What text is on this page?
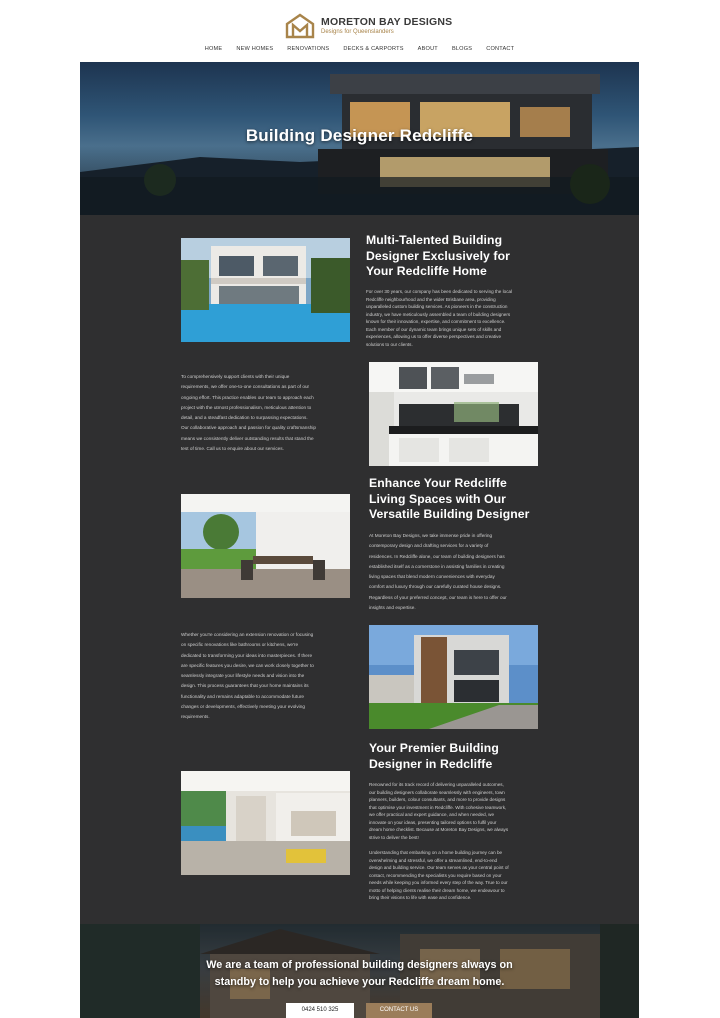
MORETON BAY DESIGNS
Designs for Queenslanders
HOME	NEW HOMES	RENOVATIONS	DECKS & CARPORTS	ABOUT	BLOGS	CONTACT
Building Designer Redcliffe
Multi-Talented Building
Designer Exclusively for
Your Redcliffe Home
For over 30 years, our company has been dedicated to serving the local
Redcliffe neighbourhood and the wider Brisbane area, providing
unparalleled custom building services. As pioneers in the construction
industry, we have meticulously assembled a team of building designers
known for their innovation, expertise, and commitment to excellence.
Each member of our dynamic team brings unique sets of skills and
experiences, allowing us to offer diverse perspectives and creative
solutions to our clients.
To comprehensively support clients with their unique
requirements, we offer one-to-one consultations as part of our
ongoing effort. This practice enables our team to approach each
project with the utmost professionalism, meticulous attention to
detail, and a steadfast dedication to surpassing expectations.
Our collaborative approach and passion for quality craftsmanship
means we consistently deliver outstanding results that stand the
test of time. Call us to enquire about our services.
Enhance Your Redcliffe
Living Spaces with Our
Versatile Building Designer
At Moreton Bay Designs, we take immense pride in offering
contemporary design and drafting services for a variety of
residences. In Redcliffe alone, our team of building designers has
established itself as a cornerstone in assisting families in creating
living spaces that blend modern conveniences with everyday
comfort and luxury through our carefully curated house designs.
Regardless of your preferred concept, our team is here to offer our
insights and expertise.
Whether you're considering an extension renovation or focusing
on specific renovations like bathrooms or kitchens, we're
dedicated to transforming your ideas into masterpieces. If there
are specific features you desire, we can work closely together to
seamlessly integrate your lifestyle needs and vision into the
design. This process guarantees that your home maintains its
functionality and remains adaptable to accommodate future
changes or developments, effectively meeting your evolving
requirements.
Your Premier Building
Designer in Redcliffe
Renowned for its track record of delivering unparalleled outcomes,
our building designers collaborate seamlessly with engineers, town
planners, builders, colour consultants, and more to provide designs
that optimise your investment in Redcliffe. With cohesive teamwork,
we offer practical and expert guidance, and when needed, we
innovate on your ideas, presenting tailored options to fulfil your
dream home checklist. Because at Moreton Bay Designs, we always
strive to deliver the best!
Understanding that embarking on a home building journey can be
overwhelming and stressful, we offer a streamlined, end-to-end
design and building service. Our team serves as your central point of
contact, recommending the specialists you require based on your
needs while keeping you informed every step of the way. True to our
motto of helping clients realise their dream home, we endeavour to
bring their visions to life with ease and confidence.
We are a team of professional building designers always on
standby to help you achieve your Redcliffe dream home.
0424 510 325	CONTACT US
